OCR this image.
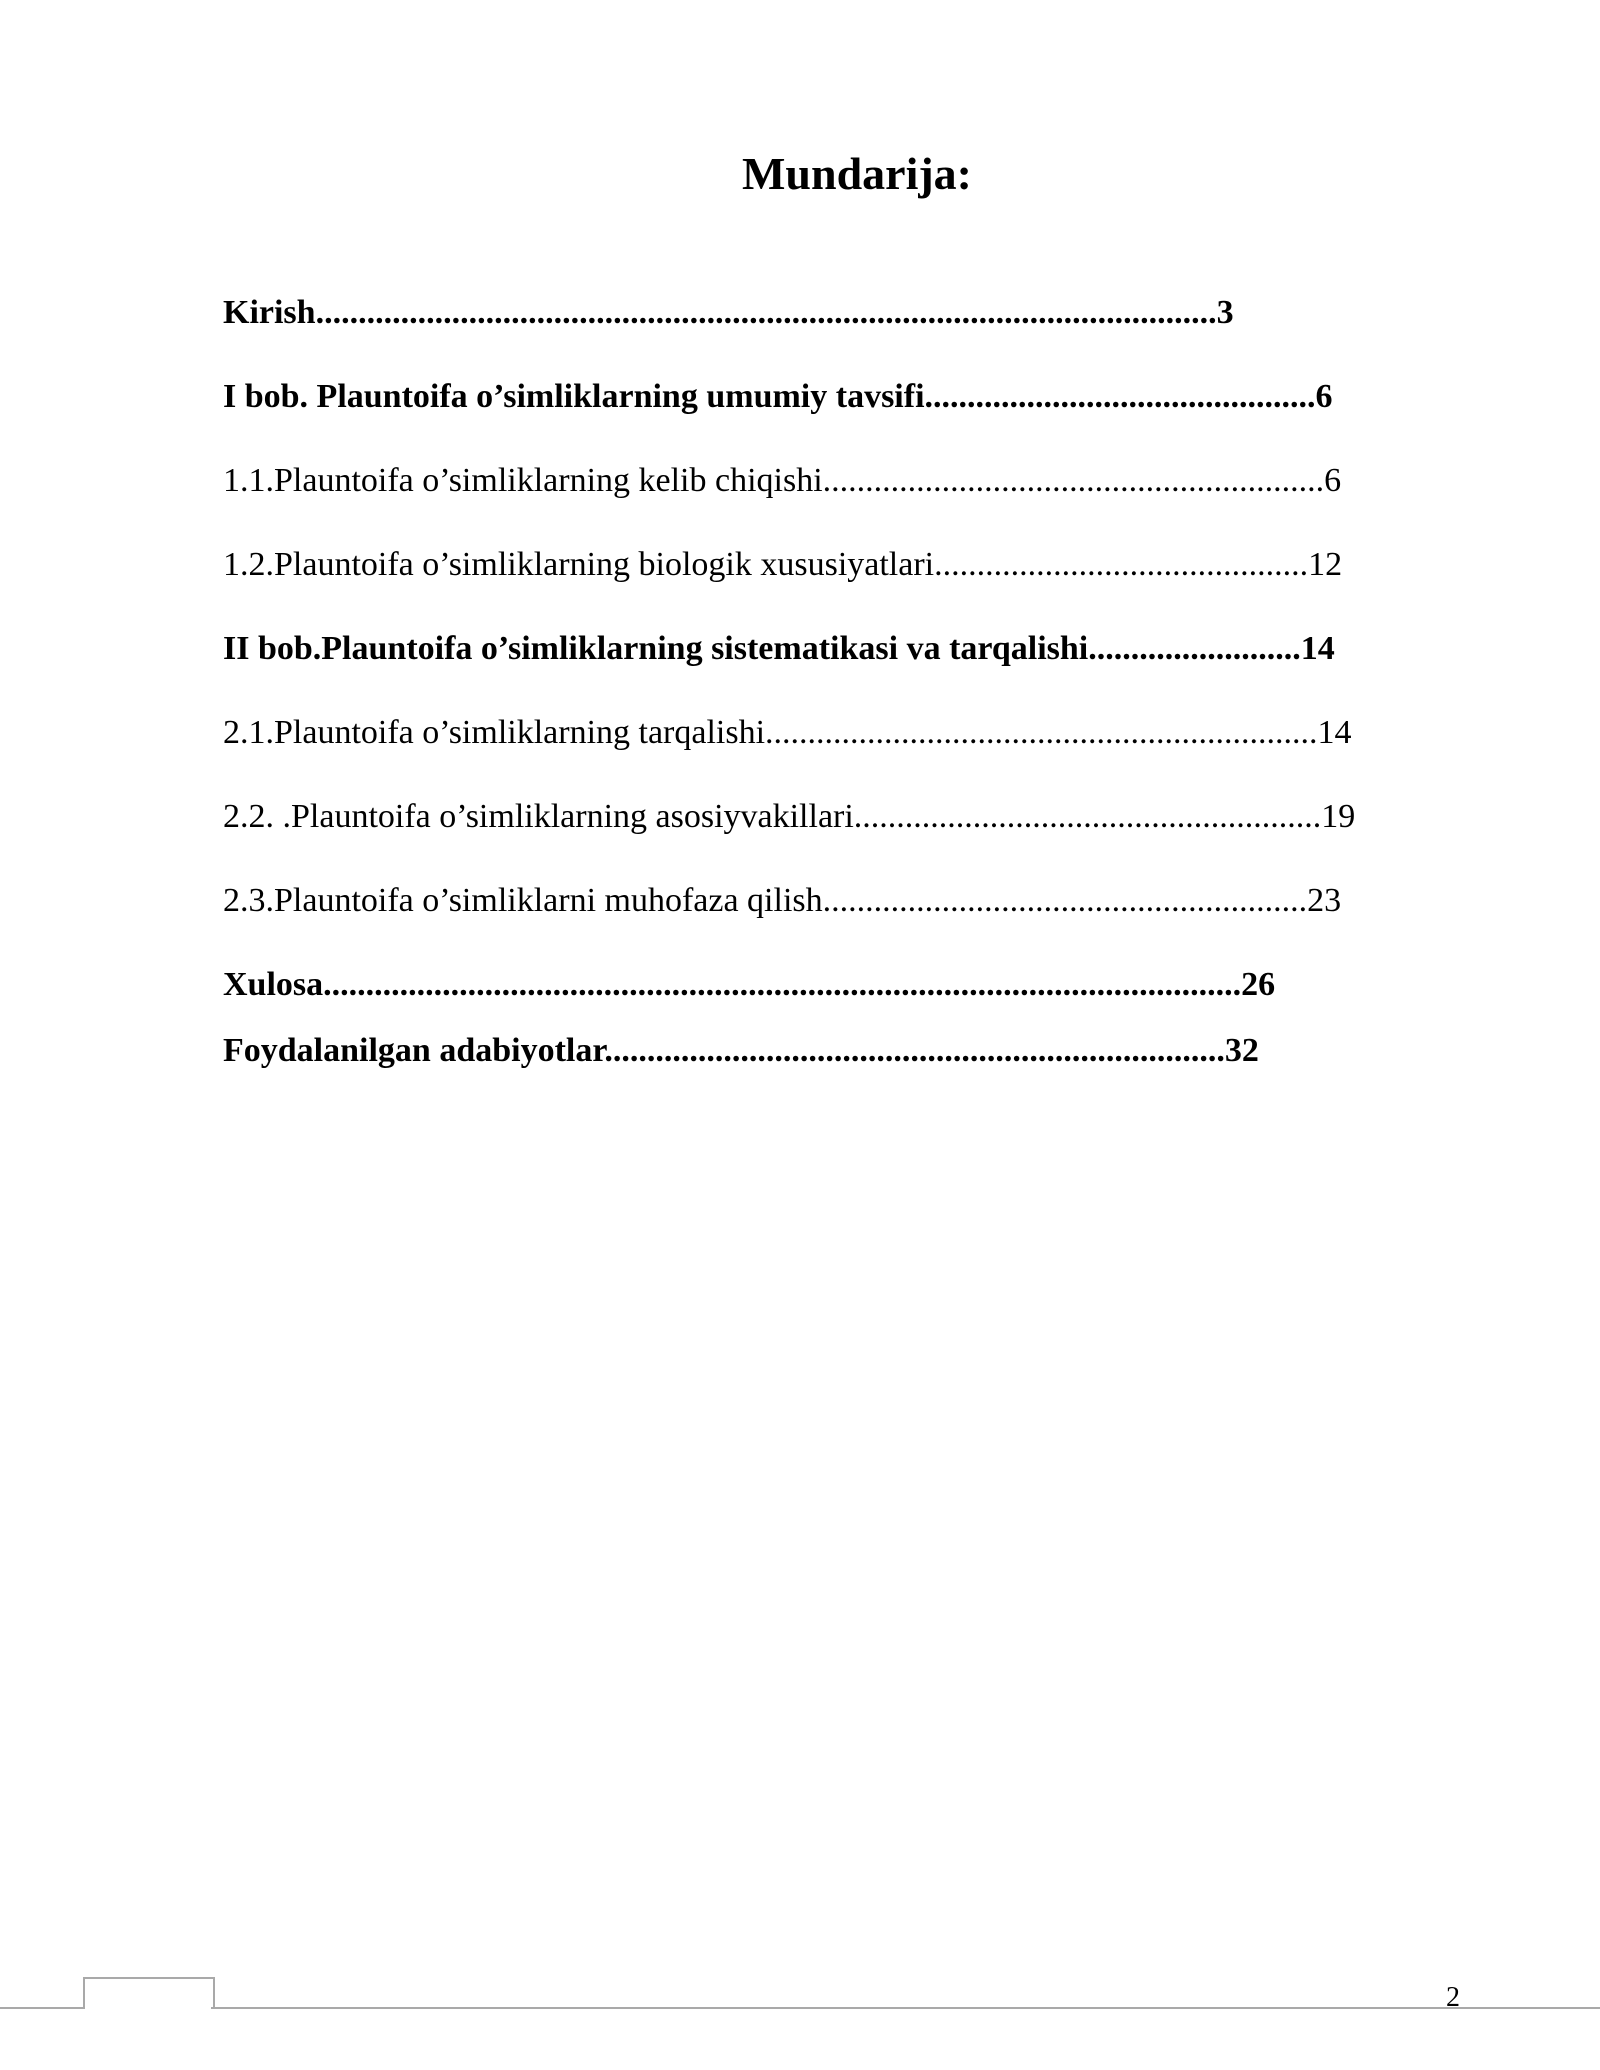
Mundarija:
Kirish..........................................................................................................3
I bob. Plauntoifa o’simliklarning umumiy tavsifi..............................................6
1.1.Plauntoifa o’simliklarning kelib chiqishi...........................................................6
1.2.Plauntoifa o’simliklarning biologik xususiyatlari............................................12
II bob.Plauntoifa o’simliklarning sistematikasi va tarqalishi.........................14
2.1.Plauntoifa o’simliklarning tarqalishi.................................................................14
2.2. .Plauntoifa o’simliklarning asosiyvakillari.......................................................19
2.3.Plauntoifa o’simliklarni muhofaza qilish.........................................................23
Xulosa............................................................................................................26
Foydalanilgan adabiyotlar.........................................................................32
2
